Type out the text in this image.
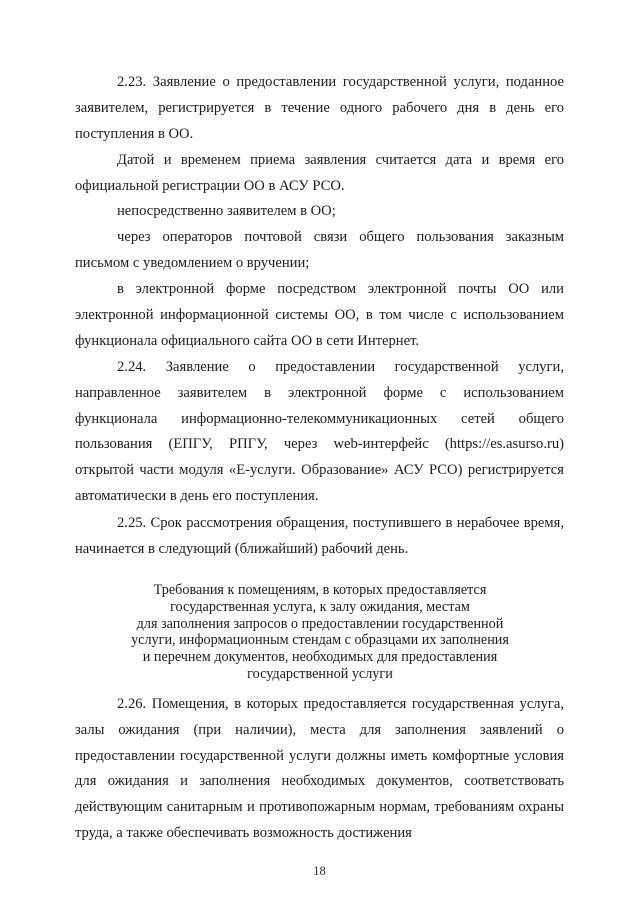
2.23. Заявление о предоставлении государственной услуги, поданное заявителем, регистрируется в течение одного рабочего дня в день его поступления в ОО.

Датой и временем приема заявления считается дата и время его официальной регистрации ОО в АСУ РСО.

непосредственно заявителем в ОО;

через операторов почтовой связи общего пользования заказным письмом с уведомлением о вручении;

в электронной форме посредством электронной почты ОО или электронной информационной системы ОО, в том числе с использованием функционала официального сайта ОО в сети Интернет.

2.24. Заявление о предоставлении государственной услуги, направленное заявителем в электронной форме с использованием функционала информационно-телекоммуникационных сетей общего пользования (ЕПГУ, РПГУ, через web-интерфейс (https://es.asurso.ru) открытой части модуля «Е-услуги. Образование» АСУ РСО) регистрируется автоматически в день его поступления.

2.25. Срок рассмотрения обращения, поступившего в нерабочее время, начинается в следующий (ближайший) рабочий день.

Требования к помещениям, в которых предоставляется
государственная услуга, к залу ожидания, местам
для заполнения запросов о предоставлении государственной
услуги, информационным стендам с образцами их заполнения
и перечнем документов, необходимых для предоставления
государственной услуги

2.26. Помещения, в которых предоставляется государственная услуга, залы ожидания (при наличии), места для заполнения заявлений о предоставлении государственной услуги должны иметь комфортные условия для ожидания и заполнения необходимых документов, соответствовать действующим санитарным и противопожарным нормам, требованиям охраны труда, а также обеспечивать возможность достижения

18
